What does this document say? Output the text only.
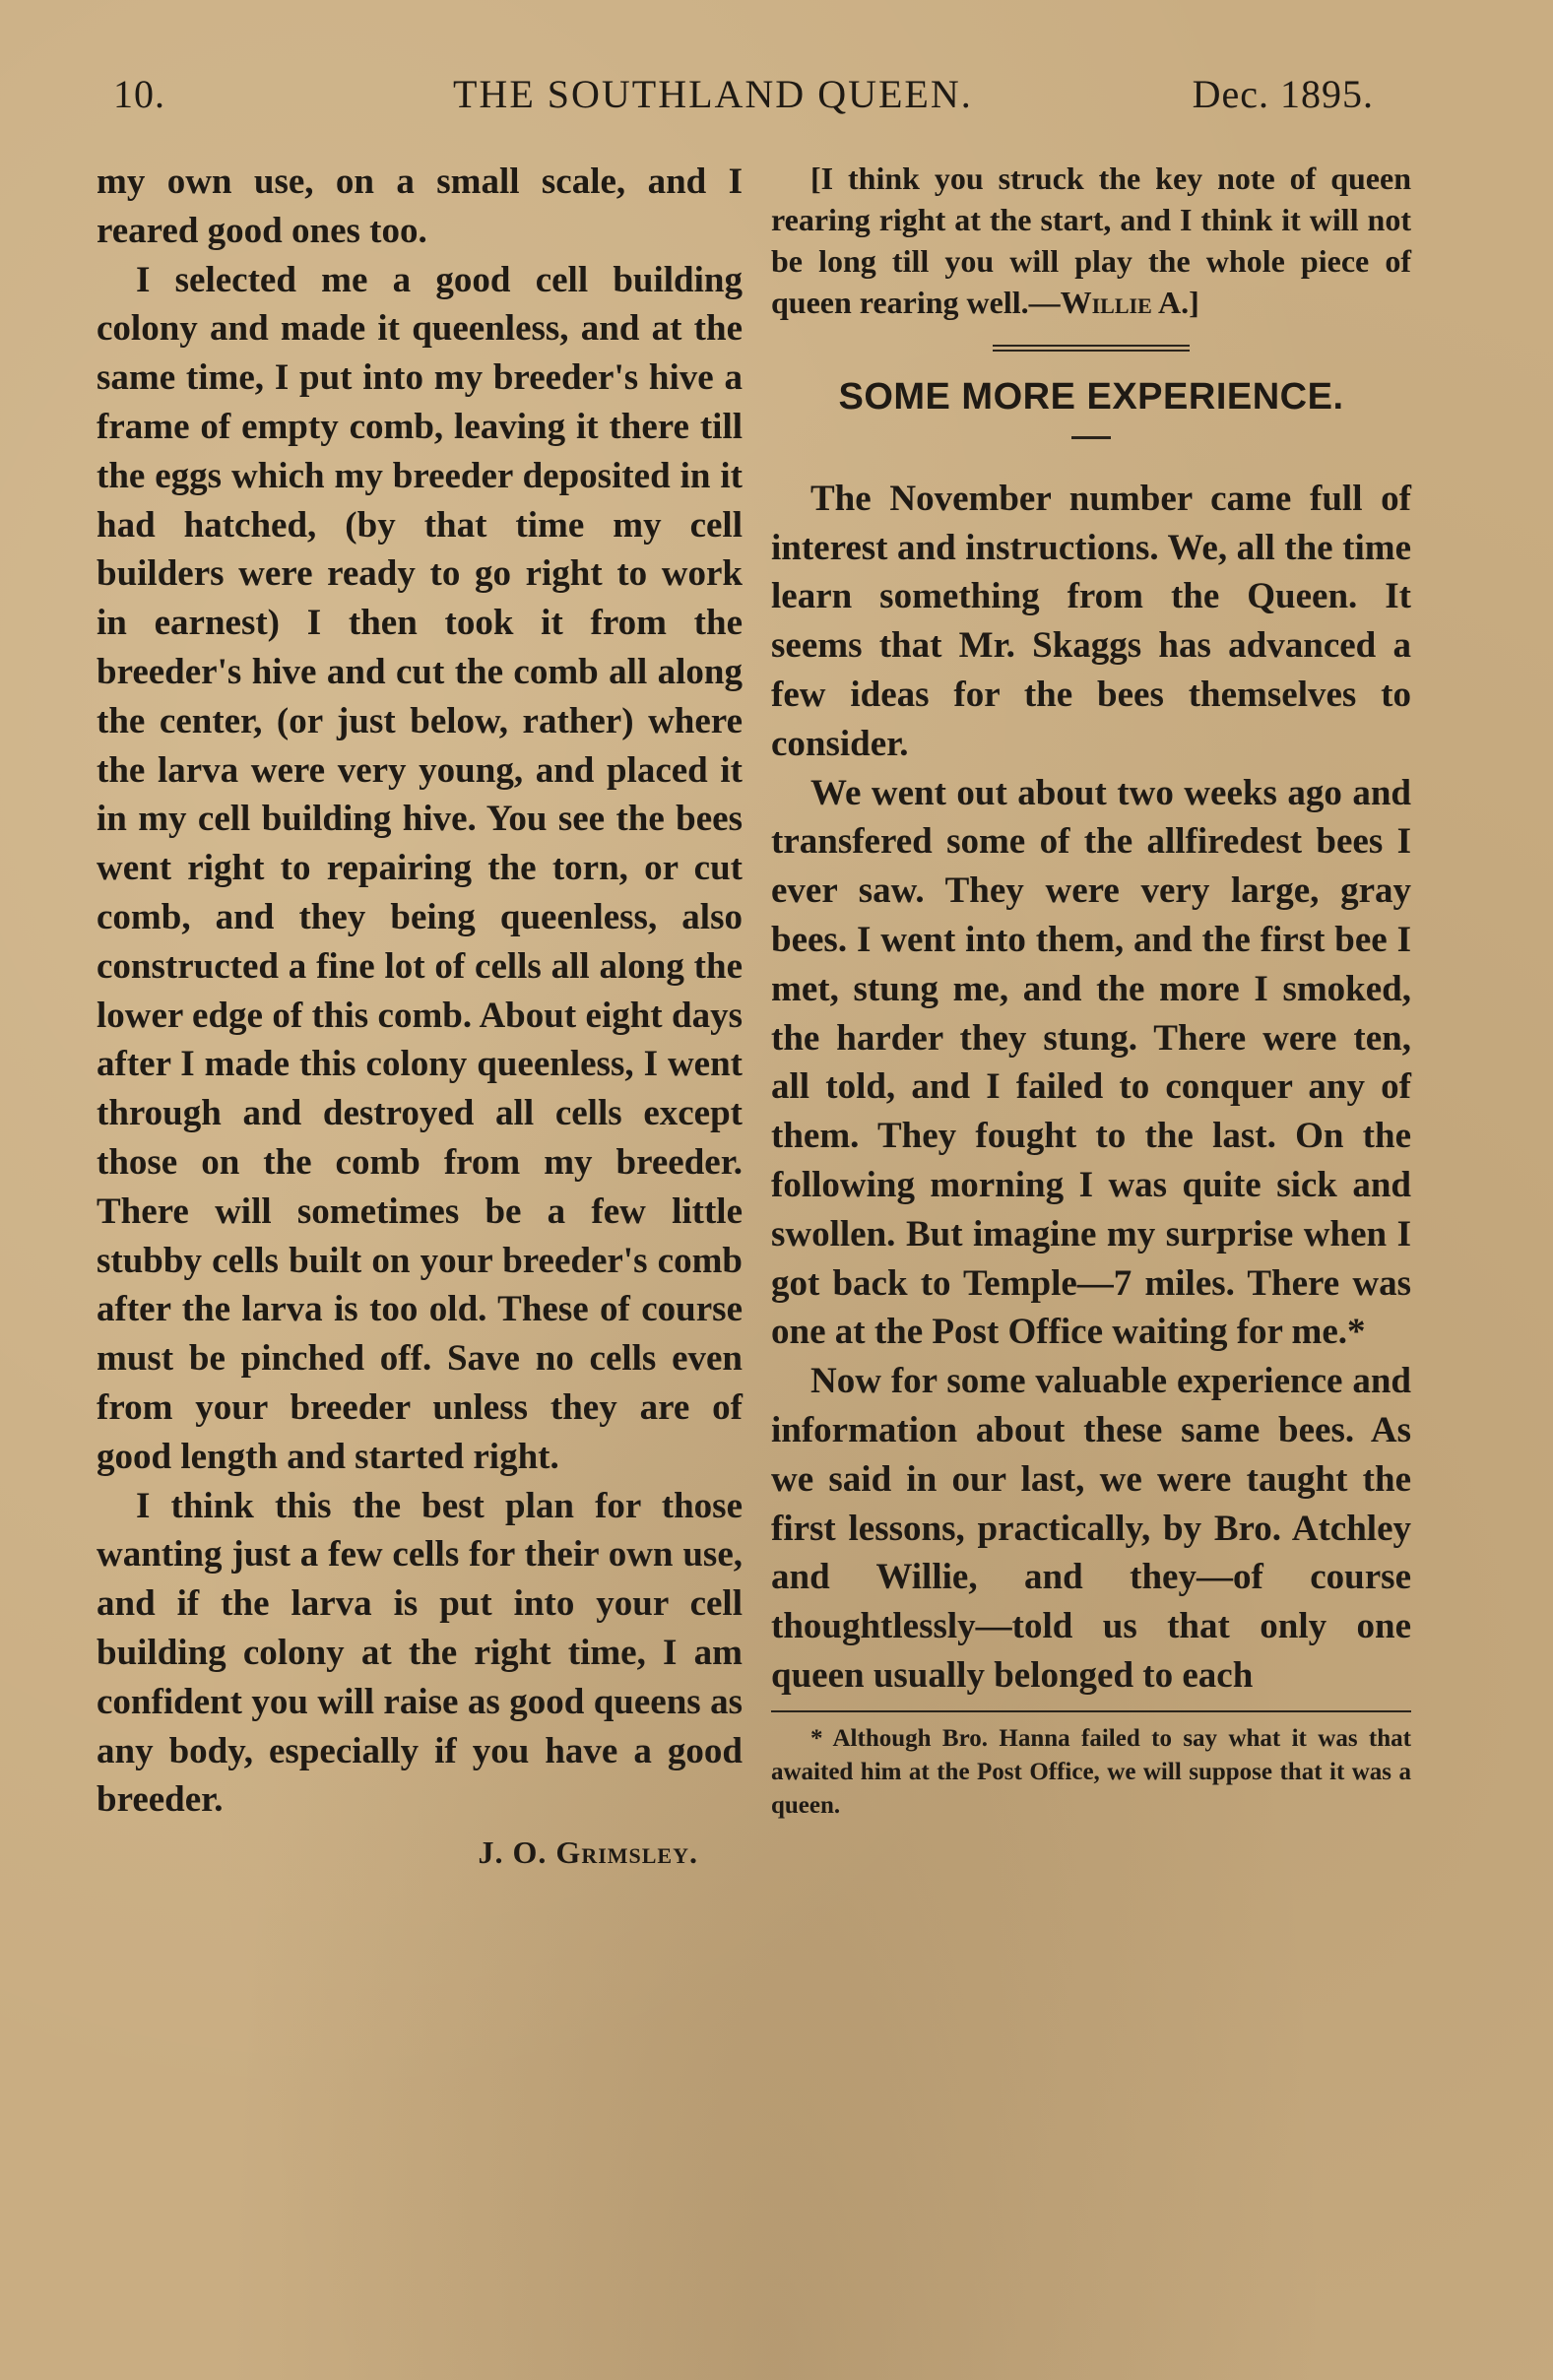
10.	THE SOUTHLAND QUEEN.	Dec. 1895.

my own use, on a small scale, and I reared good ones too.

I selected me a good cell building colony and made it queenless, and at the same time, I put into my breeder's hive a frame of empty comb, leaving it there till the eggs which my breeder deposited in it had hatched, (by that time my cell builders were ready to go right to work in earnest) I then took it from the breeder's hive and cut the comb all along the center, (or just below, rather) where the larva were very young, and placed it in my cell building hive. You see the bees went right to repairing the torn, or cut comb, and they being queenless, also constructed a fine lot of cells all along the lower edge of this comb. About eight days after I made this colony queenless, I went through and destroyed all cells except those on the comb from my breeder. There will sometimes be a few little stubby cells built on your breeder's comb after the larva is too old. These of course must be pinched off. Save no cells even from your breeder unless they are of good length and started right.

I think this the best plan for those wanting just a few cells for their own use, and if the larva is put into your cell building colony at the right time, I am confident you will raise as good queens as any body, especially if you have a good breeder.

J. O. Grimsley.

[I think you struck the key note of queen rearing right at the start, and I think it will not be long till you will play the whole piece of queen rearing well.—Willie A.]

SOME MORE EXPERIENCE.

The November number came full of interest and instructions. We, all the time learn something from the Queen. It seems that Mr. Skaggs has advanced a few ideas for the bees themselves to consider.

We went out about two weeks ago and transfered some of the allfiredest bees I ever saw. They were very large, gray bees. I went into them, and the first bee I met, stung me, and the more I smoked, the harder they stung. There were ten, all told, and I failed to conquer any of them. They fought to the last. On the following morning I was quite sick and swollen. But imagine my surprise when I got back to Temple—7 miles. There was one at the Post Office waiting for me.*

Now for some valuable experience and information about these same bees. As we said in our last, we were taught the first lessons, practically, by Bro. Atchley and Willie, and they—of course thoughtlessly—told us that only one queen usually belonged to each

* Although Bro. Hanna failed to say what it was that awaited him at the Post Office, we will suppose that it was a queen.
